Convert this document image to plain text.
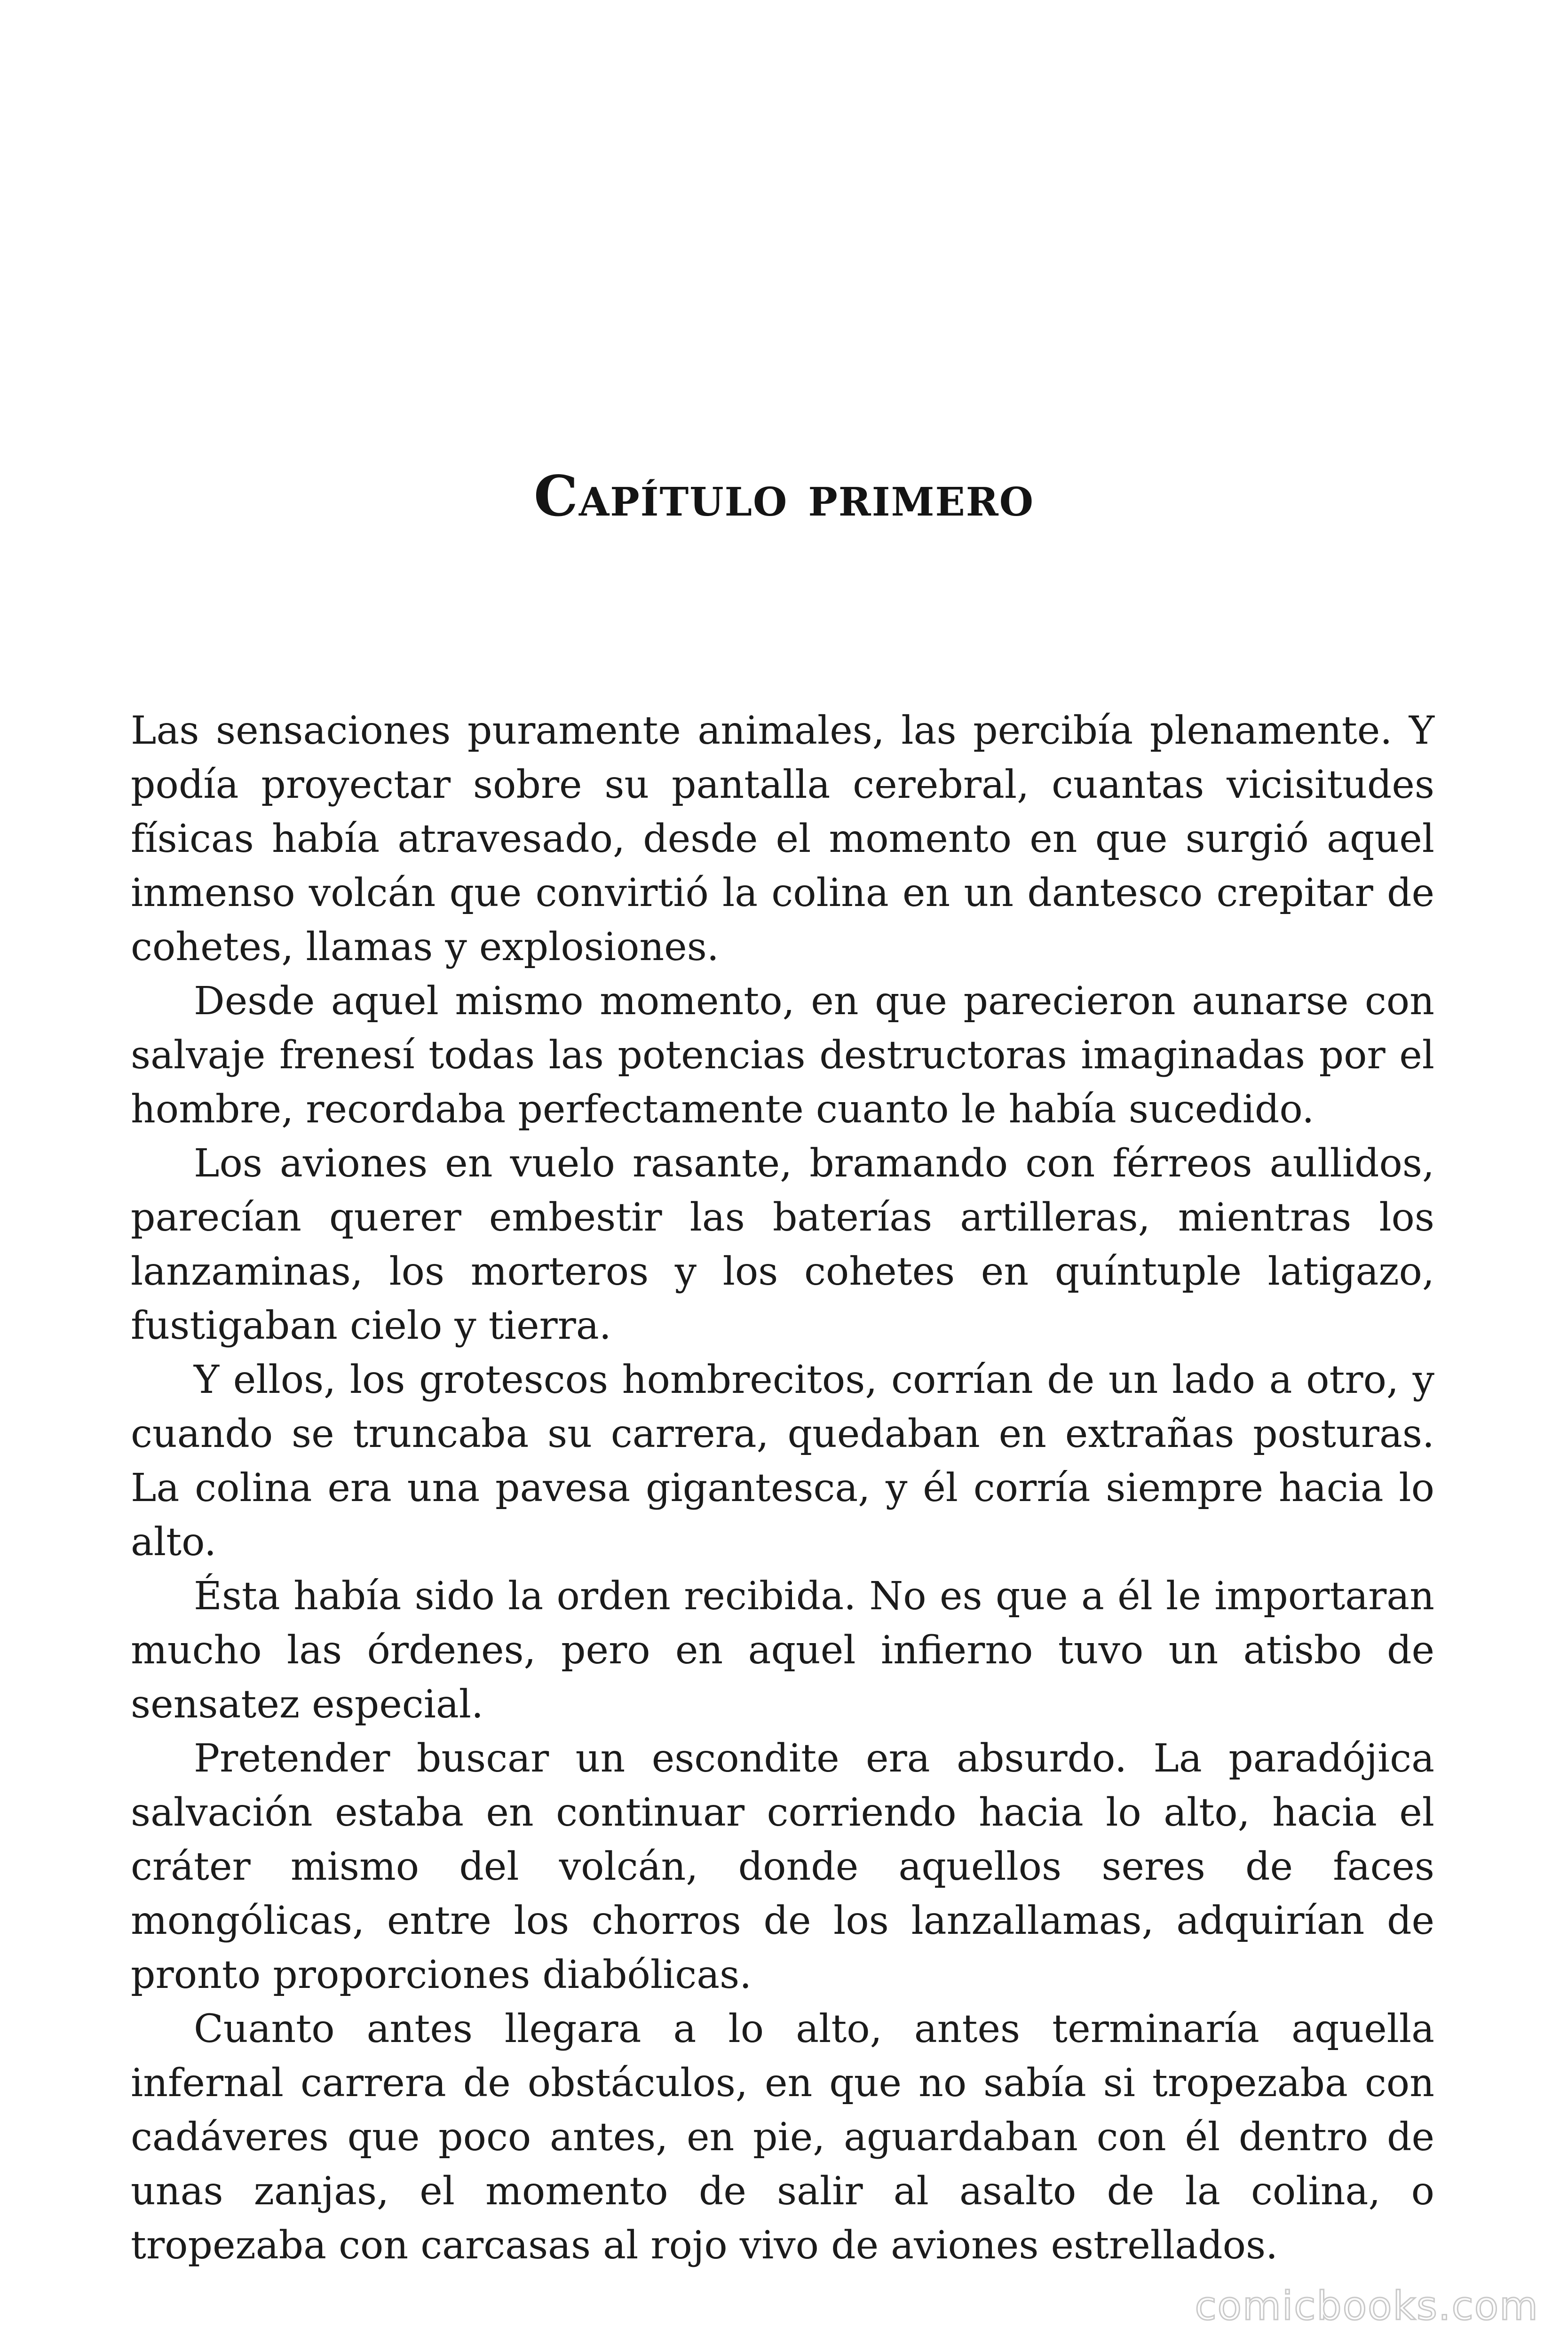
Capítulo primero

Las sensaciones puramente animales, las percibía plenamente. Y podía proyectar sobre su pantalla cerebral, cuantas vicisitudes físicas había atravesado, desde el momento en que surgió aquel inmenso volcán que convirtió la colina en un dantesco crepitar de cohetes, llamas y explosiones.

Desde aquel mismo momento, en que parecieron aunarse con salvaje frenesí todas las potencias destructoras imaginadas por el hombre, recordaba perfectamente cuanto le había sucedido.

Los aviones en vuelo rasante, bramando con férreos aullidos, parecían querer embestir las baterías artilleras, mientras los lanzaminas, los morteros y los cohetes en quíntuple latigazo, fustigaban cielo y tierra.

Y ellos, los grotescos hombrecitos, corrían de un lado a otro, y cuando se truncaba su carrera, quedaban en extrañas posturas. La colina era una pavesa gigantesca, y él corría siempre hacia lo alto.

Ésta había sido la orden recibida. No es que a él le importaran mucho las órdenes, pero en aquel infierno tuvo un atisbo de sensatez especial.

Pretender buscar un escondite era absurdo. La paradójica salvación estaba en continuar corriendo hacia lo alto, hacia el cráter mismo del volcán, donde aquellos seres de faces mongólicas, entre los chorros de los lanzallamas, adquirían de pronto proporciones diabólicas.

Cuanto antes llegara a lo alto, antes terminaría aquella infernal carrera de obstáculos, en que no sabía si tropezaba con cadáveres que poco antes, en pie, aguardaban con él dentro de unas zanjas, el momento de salir al asalto de la colina, o tropezaba con carcasas al rojo vivo de aviones estrellados.

comicbooks.com
